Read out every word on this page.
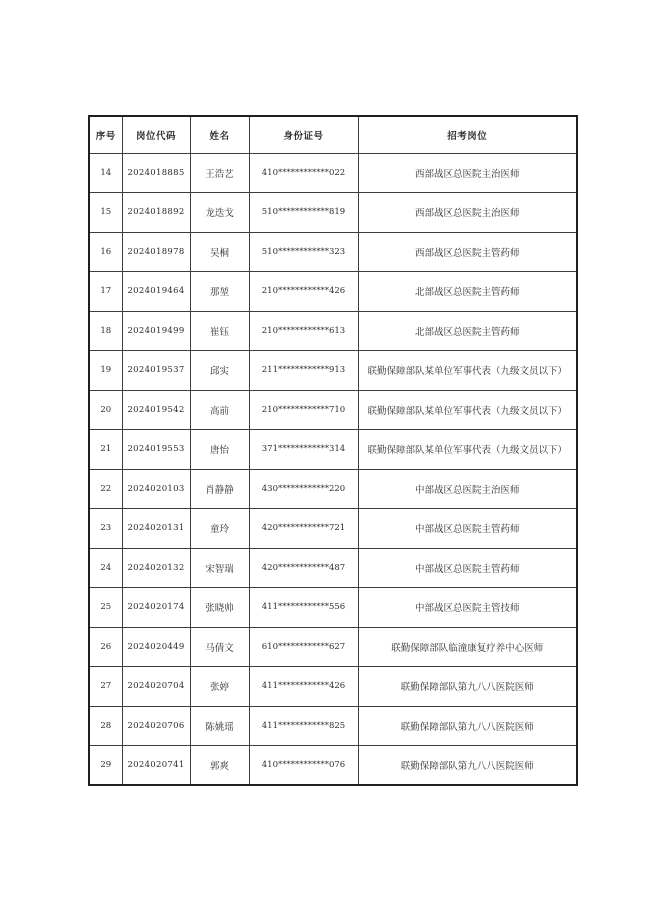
序号	岗位代码	姓名	身份证号	招考岗位
14	2024018885	王浩艺	410************022	西部战区总医院主治医师
15	2024018892	龙迭戈	510************819	西部战区总医院主治医师
16	2024018978	吴桐	510************323	西部战区总医院主管药师
17	2024019464	那堃	210************426	北部战区总医院主管药师
18	2024019499	崔钰	210************613	北部战区总医院主管药师
19	2024019537	邱实	211************913	联勤保障部队某单位军事代表（九级文员以下）
20	2024019542	高前	210************710	联勤保障部队某单位军事代表（九级文员以下）
21	2024019553	唐怡	371************314	联勤保障部队某单位军事代表（九级文员以下）
22	2024020103	肖静静	430************220	中部战区总医院主治医师
23	2024020131	童玲	420************721	中部战区总医院主管药师
24	2024020132	宋智瑞	420************487	中部战区总医院主管药师
25	2024020174	张晓帅	411************556	中部战区总医院主管技师
26	2024020449	马倩文	610************627	联勤保障部队临潼康复疗养中心医师
27	2024020704	张婷	411************426	联勤保障部队第九八八医院医师
28	2024020706	陈姚瑶	411************825	联勤保障部队第九八八医院医师
29	2024020741	郭爽	410************076	联勤保障部队第九八八医院医师
